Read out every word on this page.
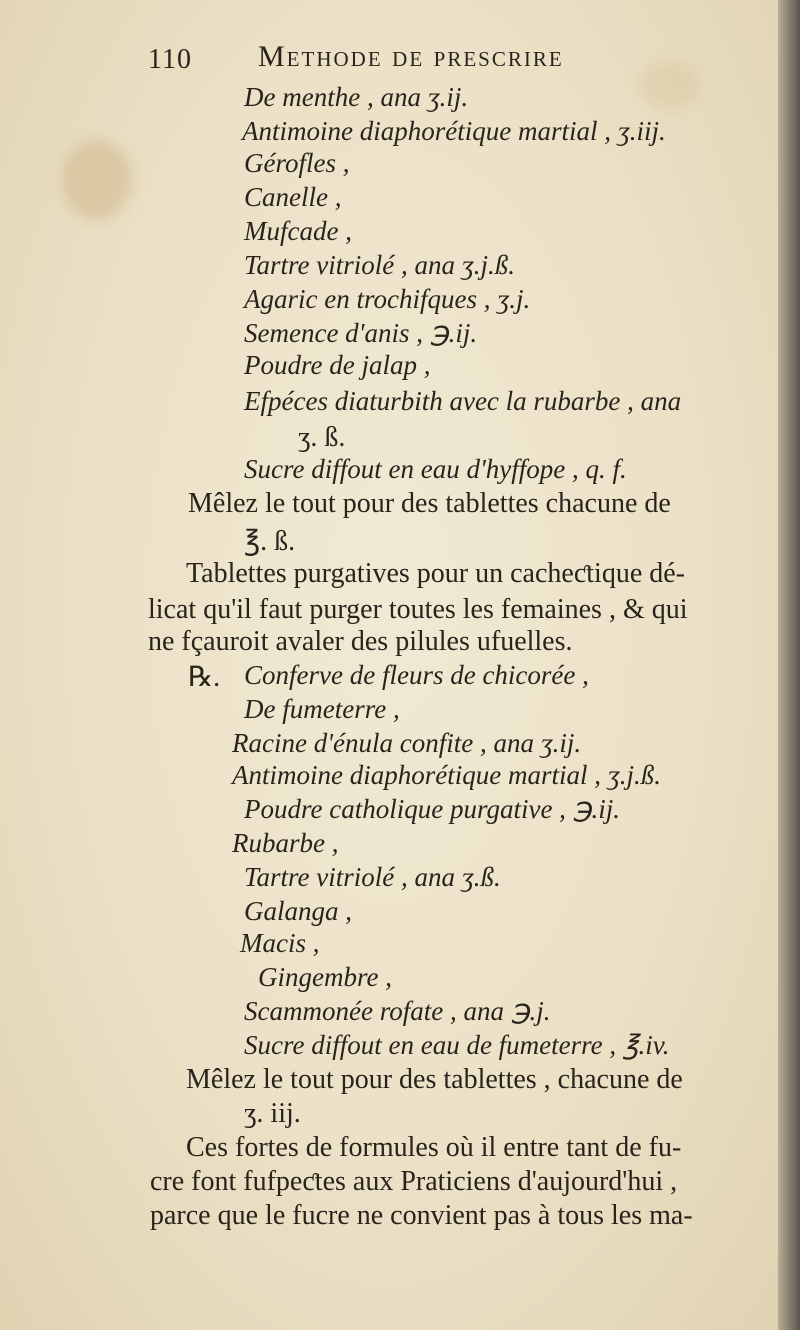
110 Methode de prescrire
De menthe , ana ʒ.ij.
Antimoine diaphorétique martial , ʒ.iij.
Gérofles ,
Canelle ,
Mufcade ,
Tartre vitriolé , ana ʒ.j.ß.
Agaric en trochifques , ʒ.j.
Semence d'anis , ℈.ij.
Poudre de jalap ,
Efpéces diaturbith avec la rubarbe , ana
ʒ. ß.
Sucre diffout en eau d'hyffope , q. f.
Mêlez le tout pour des tablettes chacune de
℥. ß.
Tablettes purgatives pour un cacheƈtique dé-
licat qu'il faut purger toutes les femaines , & qui
ne fçauroit avaler des pilules ufuelles.
℞. Conferve de fleurs de chicorée ,
De fumeterre ,
Racine d'énula confite , ana ʒ.ij.
Antimoine diaphorétique martial , ʒ.j.ß.
Poudre catholique purgative , ℈.ij.
Rubarbe ,
Tartre vitriolé , ana ʒ.ß.
Galanga ,
Macis ,
Gingembre ,
Scammonée rofate , ana ℈.j.
Sucre diffout en eau de fumeterre , ℥.iv.
Mêlez le tout pour des tablettes , chacune de
ʒ. iij.
Ces fortes de formules où il entre tant de fu-
cre font fufpeƈtes aux Praticiens d'aujourd'hui ,
parce que le fucre ne convient pas à tous les ma-
